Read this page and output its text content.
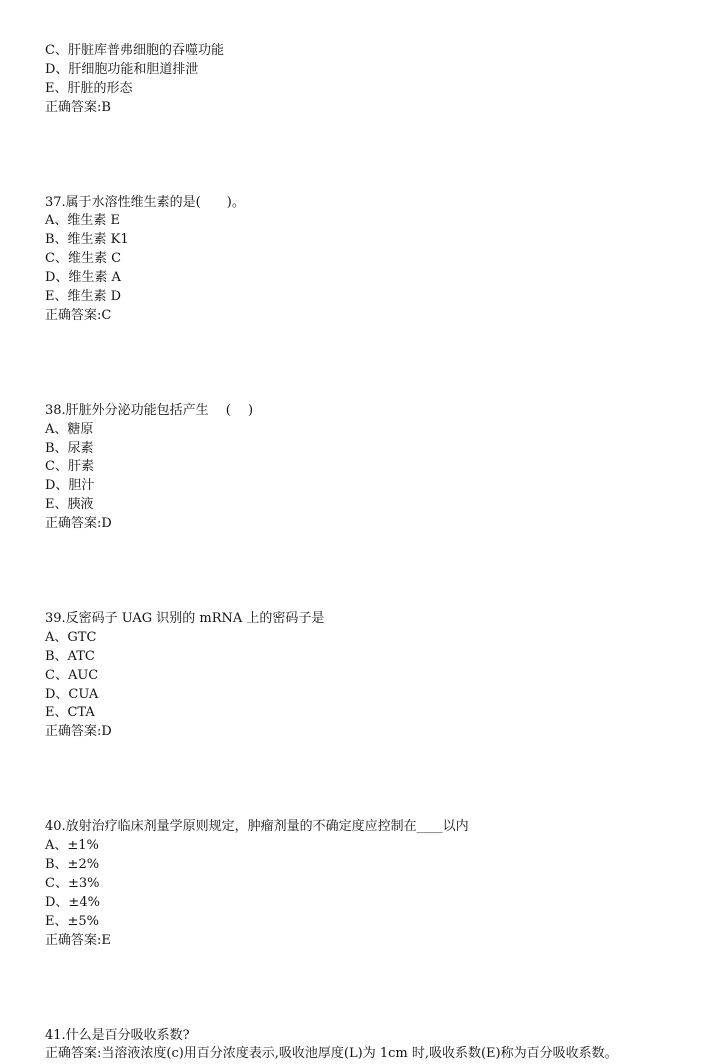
C、肝脏库普弗细胞的吞噬功能
D、肝细胞功能和胆道排泄
E、肝脏的形态
正确答案:B
37.属于水溶性维生素的是(　　)。
A、维生素 E
B、维生素 K1
C、维生素 C
D、维生素 A
E、维生素 D
正确答案:C
38.肝脏外分泌功能包括产生　 (　 )
A、糖原
B、尿素
C、肝素
D、胆汁
E、胰液
正确答案:D
39.反密码子 UAG 识别的 mRNA 上的密码子是
A、GTC
B、ATC
C、AUC
D、CUA
E、CTA
正确答案:D
40.放射治疗临床剂量学原则规定，肿瘤剂量的不确定度应控制在____以内
A、±1%
B、±2%
C、±3%
D、±4%
E、±5%
正确答案:E
41.什么是百分吸收系数?
正确答案:当溶液浓度(c)用百分浓度表示,吸收池厚度(L)为 1cm 时,吸收系数(E)称为百分吸收系数。
